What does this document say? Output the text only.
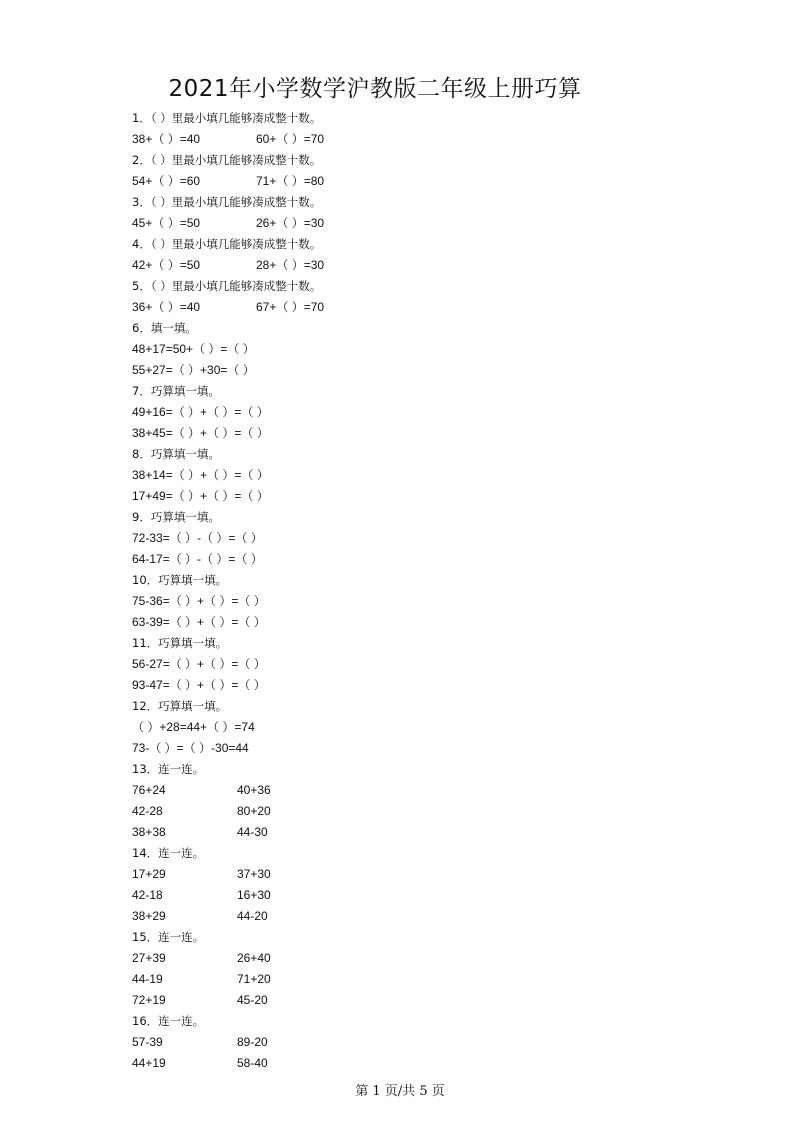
2021年小学数学沪教版二年级上册巧算
1．（ ）里最小填几能够凑成整十数。
38+（ ）=40	60+（ ）=70
2．（ ）里最小填几能够凑成整十数。
54+（ ）=60	71+（ ）=80
3．（ ）里最小填几能够凑成整十数。
45+（ ）=50	26+（ ）=30
4．（ ）里最小填几能够凑成整十数。
42+（ ）=50	28+（ ）=30
5．（ ）里最小填几能够凑成整十数。
36+（ ）=40	67+（ ）=70
6．填一填。
48+17=50+（ ）=（ ）
55+27=（ ）+30=（ ）
7．巧算填一填。
49+16=（ ）+（ ）=（ ）
38+45=（ ）+（ ）=（ ）
8．巧算填一填。
38+14=（ ）+（ ）=（ ）
17+49=（ ）+（ ）=（ ）
9．巧算填一填。
72-33=（ ）-（ ）=（ ）
64-17=（ ）-（ ）=（ ）
10．巧算填一填。
75-36=（ ）+（ ）=（ ）
63-39=（ ）+（ ）=（ ）
11．巧算填一填。
56-27=（ ）+（ ）=（ ）
93-47=（ ）+（ ）=（ ）
12．巧算填一填。
（ ）+28=44+（ ）=74
73-（ ）=（ ）-30=44
13．连一连。
76+24	40+36
42-28	80+20
38+38	44-30
14．连一连。
17+29	37+30
42-18	16+30
38+29	44-20
15．连一连。
27+39	26+40
44-19	71+20
72+19	45-20
16．连一连。
57-39	89-20
44+19	58-40
第 1 页/共 5 页
